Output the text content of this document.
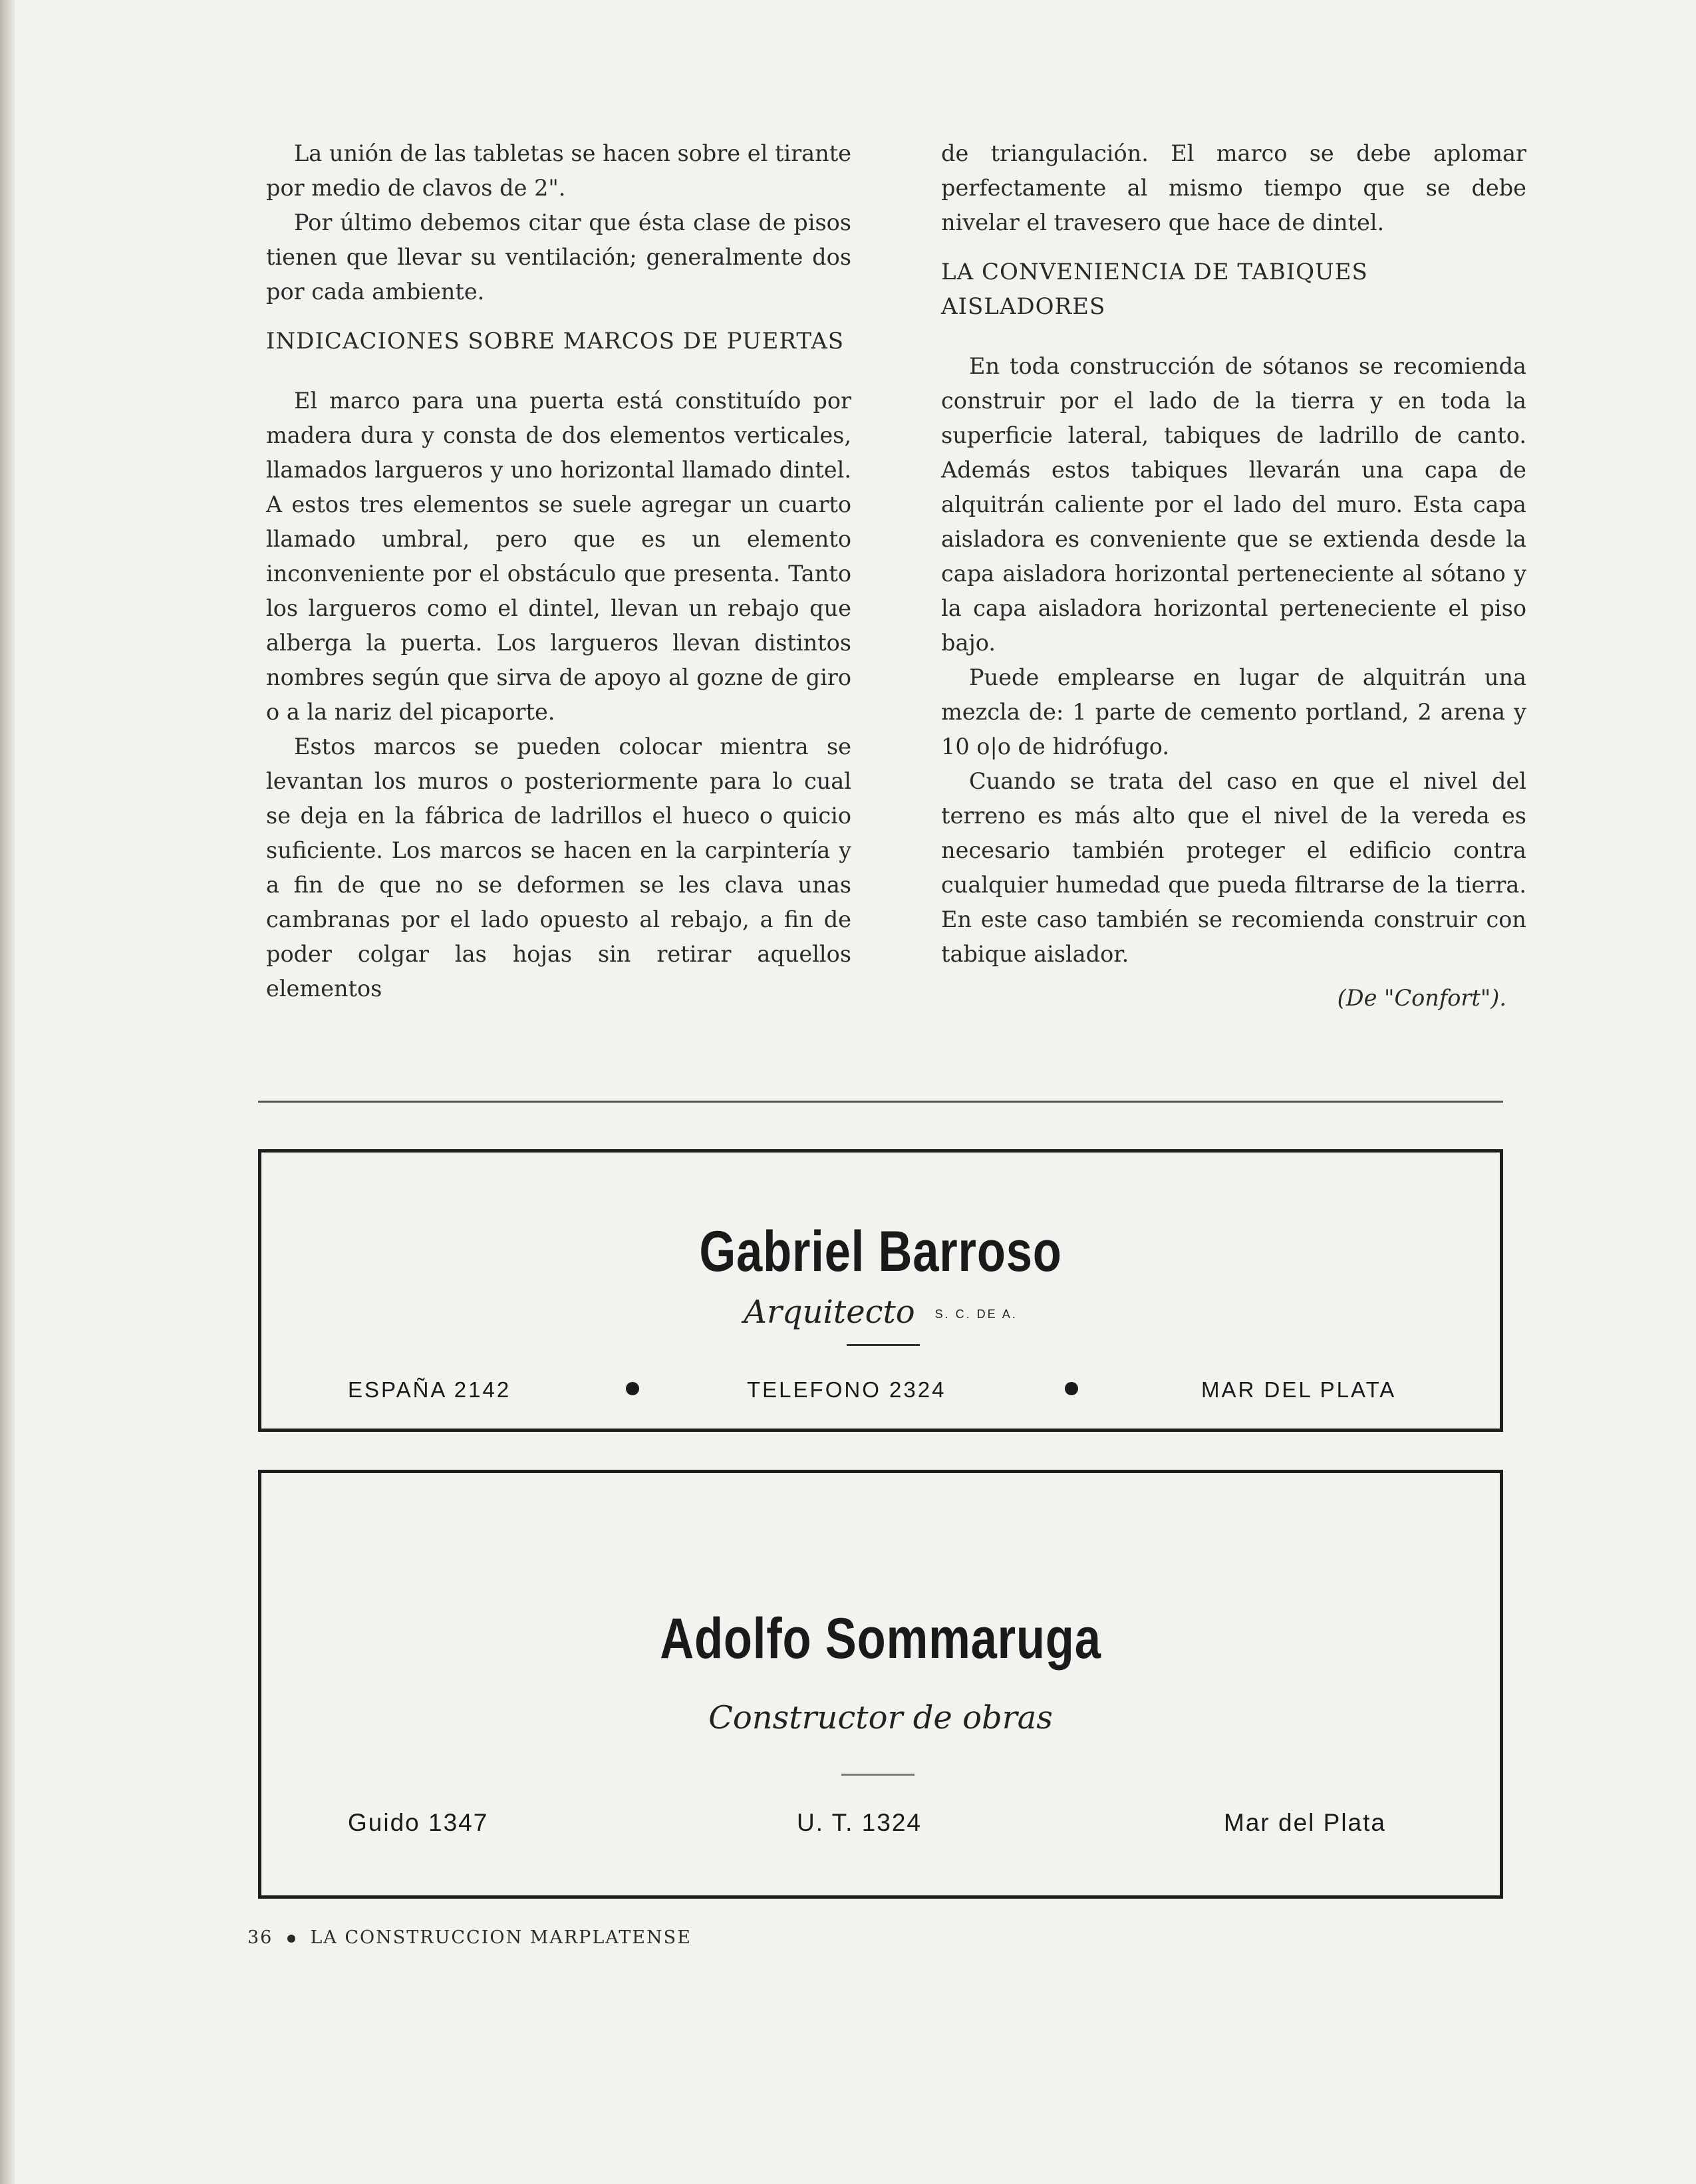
La unión de las tabletas se hacen sobre el tirante por medio de clavos de 2".

Por último debemos citar que ésta clase de pisos tienen que llevar su ventilación; generalmente dos por cada ambiente.

INDICACIONES SOBRE MARCOS DE PUERTAS

El marco para una puerta está constituído por madera dura y consta de dos elementos verticales, llamados largueros y uno horizontal llamado dintel. A estos tres elementos se suele agregar un cuarto llamado umbral, pero que es un elemento inconveniente por el obstáculo que presenta. Tanto los largueros como el dintel, llevan un rebajo que alberga la puerta. Los largueros llevan distintos nombres según que sirva de apoyo al gozne de giro o a la nariz del picaporte.

Estos marcos se pueden colocar mientra se levantan los muros o posteriormente para lo cual se deja en la fábrica de ladrillos el hueco o quicio suficiente. Los marcos se hacen en la carpintería y a fin de que no se deformen se les clava unas cambranas por el lado opuesto al rebajo, a fin de poder colgar las hojas sin retirar aquellos elementos

de triangulación. El marco se debe aplomar perfectamente al mismo tiempo que se debe nivelar el travesero que hace de dintel.

LA CONVENIENCIA DE TABIQUES AISLADORES

En toda construcción de sótanos se recomienda construir por el lado de la tierra y en toda la superficie lateral, tabiques de ladrillo de canto. Además estos tabiques llevarán una capa de alquitrán caliente por el lado del muro. Esta capa aisladora es conveniente que se extienda desde la capa aisladora horizontal perteneciente al sótano y la capa aisladora horizontal perteneciente el piso bajo.

Puede emplearse en lugar de alquitrán una mezcla de: 1 parte de cemento portland, 2 arena y 10 o|o de hidrófugo.

Cuando se trata del caso en que el nivel del terreno es más alto que el nivel de la vereda es necesario también proteger el edificio contra cualquier humedad que pueda filtrarse de la tierra. En este caso también se recomienda construir con tabique aislador.

(De "Confort").

Gabriel Barroso
Arquitecto S. C. DE A.
ESPAÑA 2142	TELEFONO 2324	MAR DEL PLATA
Adolfo Sommaruga
Constructor de obras
Guido 1347	U. T. 1324	Mar del Plata
36 LA CONSTRUCCION MARPLATENSE
